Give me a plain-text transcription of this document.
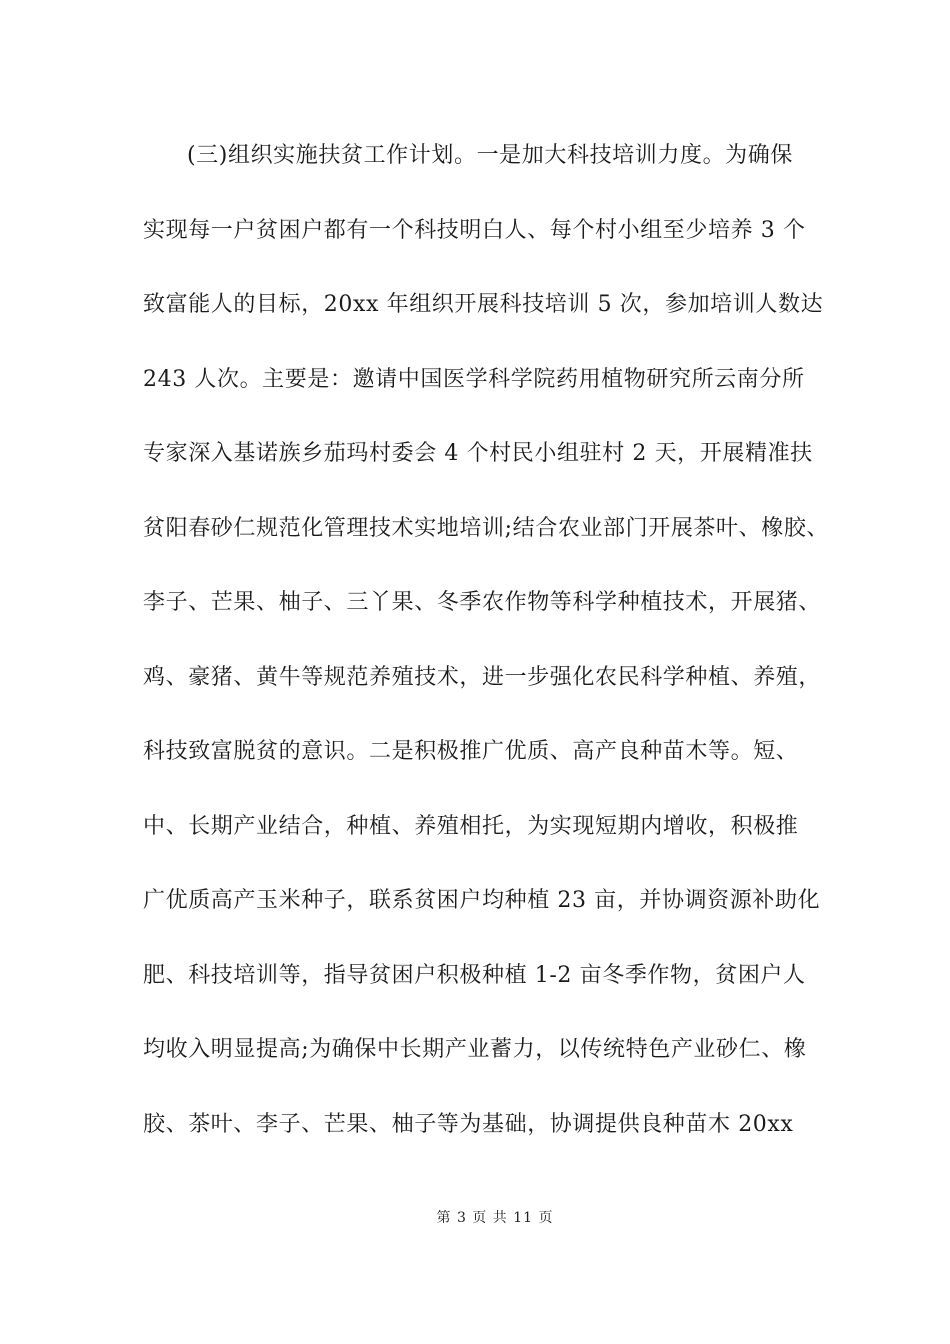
(三)组织实施扶贫工作计划。一是加大科技培训力度。为确保
实现每一户贫困户都有一个科技明白人、每个村小组至少培养 3 个
致富能人的目标，20xx 年组织开展科技培训 5 次，参加培训人数达
243 人次。主要是：邀请中国医学科学院药用植物研究所云南分所
专家深入基诺族乡茄玛村委会 4 个村民小组驻村 2 天，开展精准扶
贫阳春砂仁规范化管理技术实地培训;结合农业部门开展茶叶、橡胶、
李子、芒果、柚子、三丫果、冬季农作物等科学种植技术，开展猪、
鸡、豪猪、黄牛等规范养殖技术，进一步强化农民科学种植、养殖，
科技致富脱贫的意识。二是积极推广优质、高产良种苗木等。短、
中、长期产业结合，种植、养殖相托，为实现短期内增收，积极推
广优质高产玉米种子，联系贫困户均种植 23 亩，并协调资源补助化
肥、科技培训等，指导贫困户积极种植 1-2 亩冬季作物，贫困户人
均收入明显提高;为确保中长期产业蓄力，以传统特色产业砂仁、橡
胶、茶叶、李子、芒果、柚子等为基础，协调提供良种苗木 20xx
第 3 页 共 11 页
